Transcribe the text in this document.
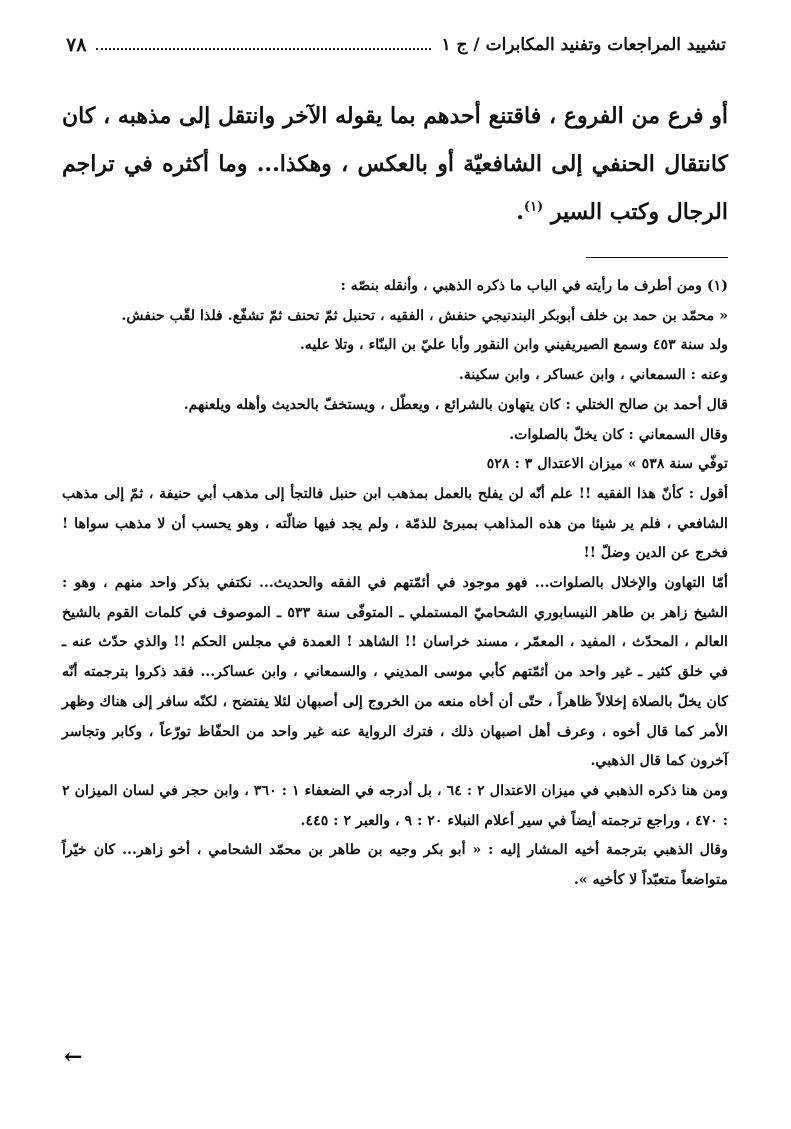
تشييد المراجعات وتفنيد المكابرات / ج ١
٧٨
أو فرع من الفروع ، فاقتنع أحدهم بما يقوله الآخر وانتقل إلى مذهبه ، كان كانتقال الحنفي إلى الشافعيّة أو بالعكس ، وهكذا... وما أكثره في تراجم الرجال وكتب السير $^{(١)}$.

(١) ومن أطرف ما رأيته في الباب ما ذكره الذهبي ، وأنقله بنصّه :

« محمّد بن حمد بن خلف أبوبكر البندنيجي حنفش ، الفقيه ، تحنبل ثمّ تحنف ثمّ تشفّع. فلذا لقّب حنفش.

ولد سنة ٤٥٣ وسمع الصيريفيني وابن النقور وأبا عليّ بن البنّاء ، وتلا عليه.

وعنه : السمعاني ، وابن عساكر ، وابن سكينة.

قال أحمد بن صالح الختلي : كان يتهاون بالشرائع ، ويعطّل ، ويستخفّ بالحديث وأهله ويلعنهم.

وقال السمعاني : كان يخلّ بالصلوات.

توفّي سنة ٥٣٨ » ميزان الاعتدال ٣ : ٥٢٨

أقول : كأنّ هذا الفقيه !! علم أنّه لن يفلح بالعمل بمذهب ابن حنبل فالتجأ إلى مذهب أبي حنيفة ، ثمّ إلى مذهب الشافعي ، فلم ير شيئا من هذه المذاهب بمبرئ للذمّة ، ولم يجد فيها ضالّته ، وهو يحسب أن لا مذهب سواها ! فخرج عن الدين وضلّ !!

أمّا التهاون والإخلال بالصلوات... فهو موجود في أئمّتهم في الفقه والحديث... نكتفي بذكر واحد منهم ، وهو : الشيخ زاهر بن طاهر النيسابوري الشحاميّ المستملي ـ المتوفّى سنة ٥٣٣ ـ الموصوف في كلمات القوم بالشيخ العالم ، المحدّث ، المفيد ، المعمّر ، مسند خراسان !! الشاهد ! العمدة في مجلس الحكم !! والذي حدّث عنه ـ في خلق كثير ـ غير واحد من أئمّتهم كأبي موسى المديني ، والسمعاني ، وابن عساكر... فقد ذكروا بترجمته أنّه كان يخلّ بالصلاة إخلالاً ظاهراً ، حتّى أن أخاه منعه من الخروج إلى أصبهان لئلا يفتضح ، لكنّه سافر إلى هناك وظهر الأمر كما قال أخوه ، وعرف أهل اصبهان ذلك ، فترك الرواية عنه غير واحد من الحفّاظ تورّعاً ، وكابر وتجاسر آخرون كما قال الذهبي.

ومن هنا ذكره الذهبي في ميزان الاعتدال ٢ : ٦٤ ، بل أدرجه في الضعفاء ١ : ٣٦٠ ، وابن حجر في لسان الميزان ٢ : ٤٧٠ ، وراجع ترجمته أيضاً في سير أعلام النبلاء ٢٠ : ٩ ، والعبر ٢ : ٤٤٥.

وقال الذهبي بترجمة أخيه المشار إليه : « أبو بكر وجيه بن طاهر بن محمّد الشحامي ، أخو زاهر... كان خيّراً متواضعاً متعبّداً لا كأخيه ».

←
